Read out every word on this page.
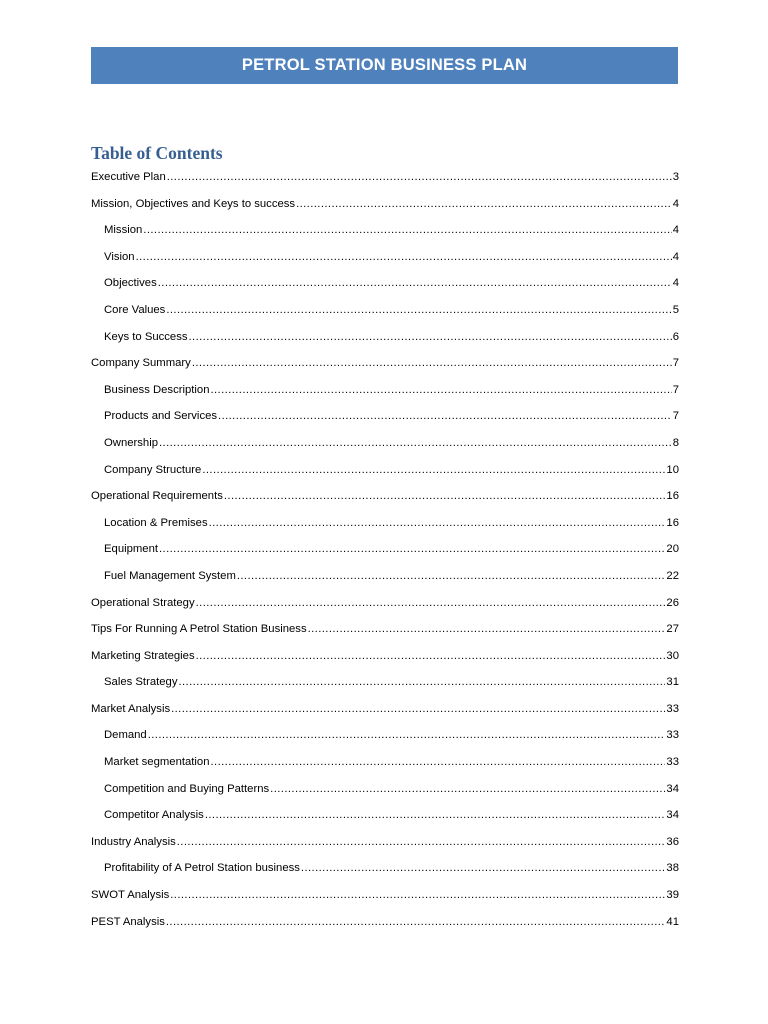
PETROL STATION BUSINESS PLAN
Table of Contents
Executive Plan .....	3
Mission, Objectives and Keys to success .....	4
Mission .....	4
Vision .....	4
Objectives .....	4
Core Values .....	5
Keys to Success .....	6
Company Summary .....	7
Business Description .....	7
Products and Services .....	7
Ownership .....	8
Company Structure .....	10
Operational Requirements .....	16
Location & Premises .....	16
Equipment .....	20
Fuel Management System .....	22
Operational Strategy .....	26
Tips For Running A Petrol Station Business .....	27
Marketing Strategies .....	30
Sales Strategy .....	31
Market Analysis .....	33
Demand .....	33
Market segmentation .....	33
Competition and Buying Patterns .....	34
Competitor Analysis .....	34
Industry Analysis .....	36
Profitability of A Petrol Station business .....	38
SWOT Analysis .....	39
PEST Analysis .....	41
